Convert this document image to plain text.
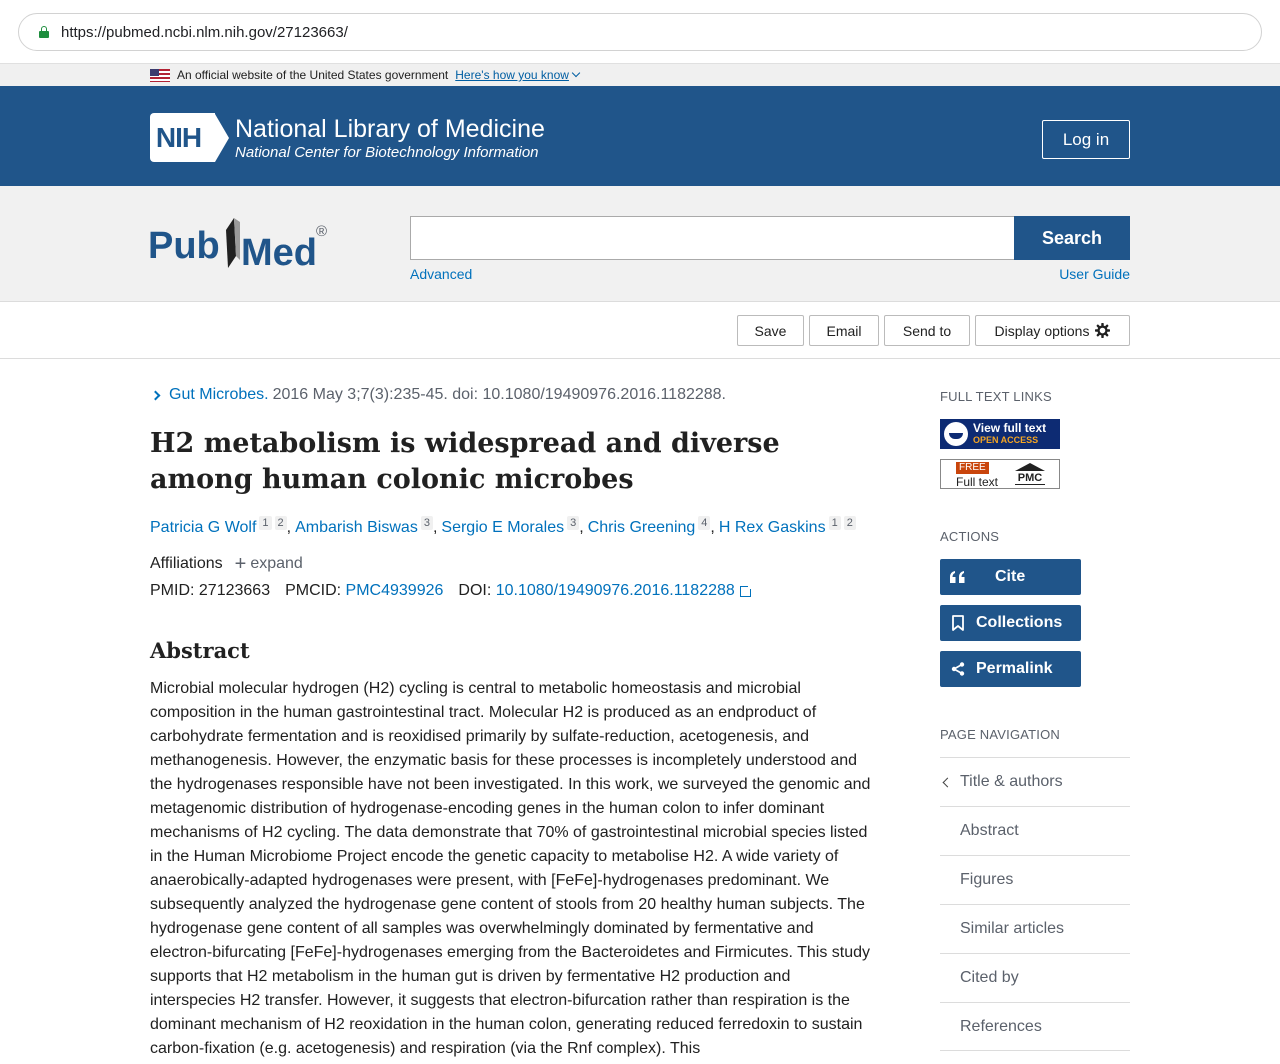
https://pubmed.ncbi.nlm.nih.gov/27123663/
An official website of the United States government Here's how you know
NIH	National Library of Medicine
National Center for Biotechnology Information
Log in
Pub Med
®	Search
Advanced	User Guide
Save	Email	Send to	Display options
Gut Microbes. 2016 May 3;7(3):235-45. doi: 10.1080/19490976.2016.1182288.
H2 metabolism is widespread and diverse among human colonic microbes
Patricia G Wolf 1 2 , Ambarish Biswas 3 , Sergio E Morales 3 , Chris Greening 4 , H Rex Gaskins 1 2
Affiliations + expand
PMID:
27123663 PMCID:
PMC4939926 DOI:
10.1080/19490976.2016.1182288
Abstract

Microbial molecular hydrogen (H2) cycling is central to metabolic homeostasis and microbial composition in the human gastrointestinal tract. Molecular H2 is produced as an endproduct of carbohydrate fermentation and is reoxidised primarily by sulfate-reduction, acetogenesis, and methanogenesis. However, the enzymatic basis for these processes is incompletely understood and the hydrogenases responsible have not been investigated. In this work, we surveyed the genomic and metagenomic distribution of hydrogenase-encoding genes in the human colon to infer dominant mechanisms of H2 cycling. The data demonstrate that 70% of gastrointestinal microbial species listed in the Human Microbiome Project encode the genetic capacity to metabolise H2. A wide variety of anaerobically-adapted hydrogenases were present, with [FeFe]-hydrogenases predominant. We subsequently analyzed the hydrogenase gene content of stools from 20 healthy human subjects. The hydrogenase gene content of all samples was overwhelmingly dominated by fermentative and electron-bifurcating [FeFe]-hydrogenases emerging from the Bacteroidetes and Firmicutes. This study supports that H2 metabolism in the human gut is driven by fermentative H2 production and interspecies H2 transfer. However, it suggests that electron-bifurcation rather than respiration is the dominant mechanism of H2 reoxidation in the human colon, generating reduced ferredoxin to sustain carbon-fixation (e.g. acetogenesis) and respiration (via the Rnf complex). This

FULL TEXT LINKS
View full text
OPEN ACCESS
FREE
Full text PMC
ACTIONS
Cite
Collections
Permalink
PAGE NAVIGATION
Title & authors
Abstract
Figures
Similar articles
Cited by
References
